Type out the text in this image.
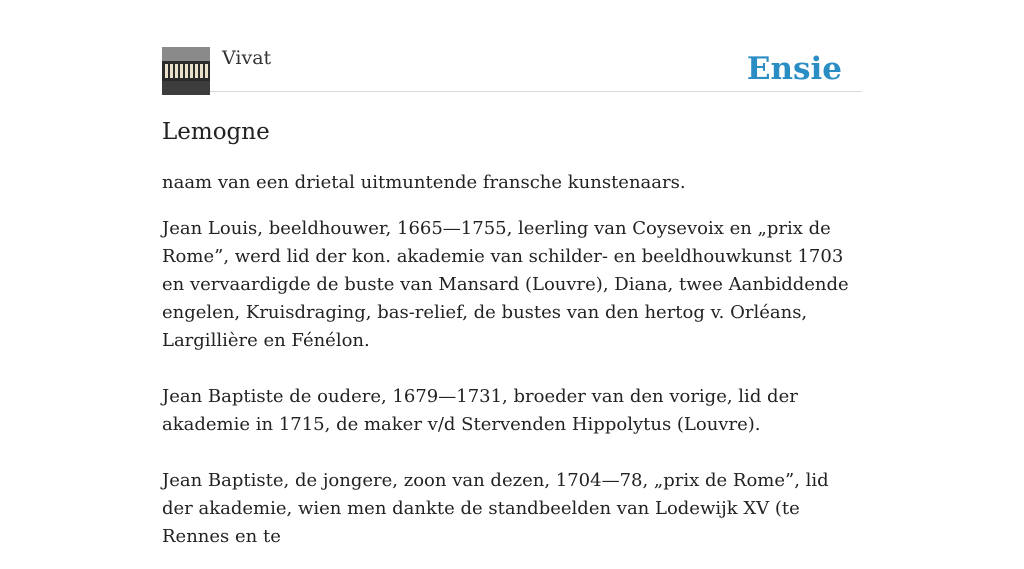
Vivat	Ensie
Lemogne

naam van een drietal uitmuntende fransche kunstenaars.

Jean Louis, beeldhouwer, 1665—1755, leerling van Coysevoix en „prix de Rome”, werd lid der kon. akademie van schilder- en beeldhouwkunst 1703 en vervaardigde de buste van Mansard (Louvre), Diana, twee Aanbiddende engelen, Kruisdraging, bas-relief, de bustes van den hertog v. Orléans, Largillière en Fénélon.

Jean Baptiste de oudere, 1679—1731, broeder van den vorige, lid der akademie in 1715, de maker v/d Stervenden Hippolytus (Louvre).

Jean Baptiste, de jongere, zoon van dezen, 1704—78, „prix de Rome”, lid der akademie, wien men dankte de standbeelden van Lodewijk XV (te Rennes en te
